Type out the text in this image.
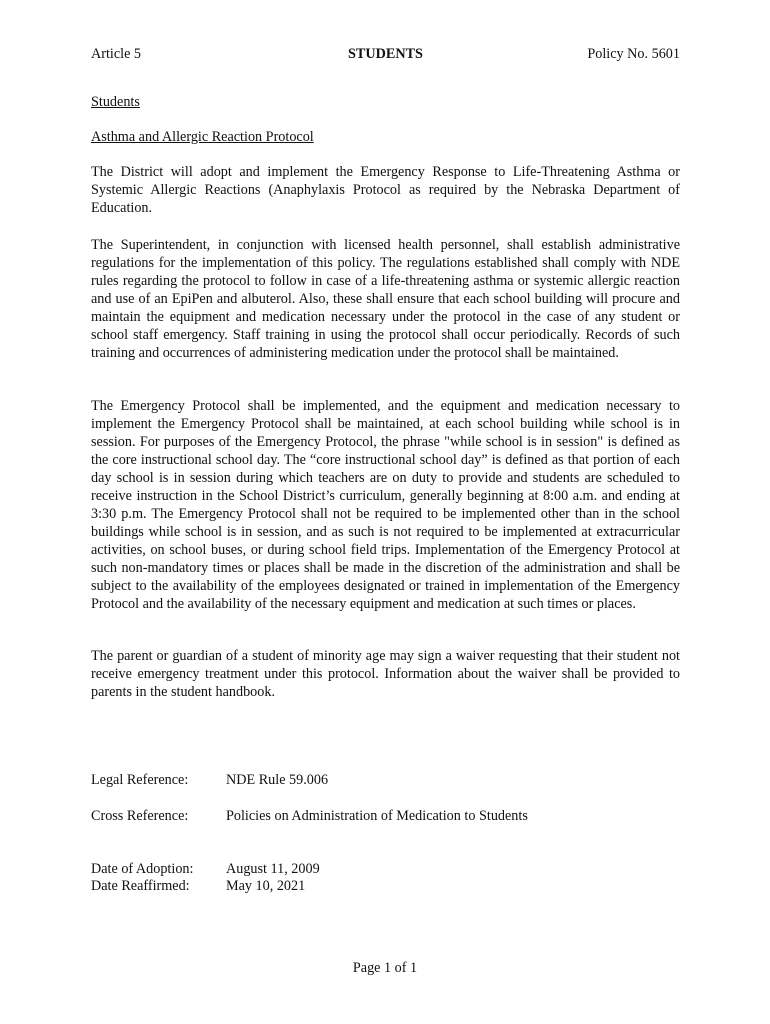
Article 5	STUDENTS	Policy No. 5601
Students
Asthma and Allergic Reaction Protocol

The District will adopt and implement the Emergency Response to Life-Threatening Asthma or Systemic Allergic Reactions (Anaphylaxis Protocol as required by the Nebraska Department of Education.

The Superintendent, in conjunction with licensed health personnel, shall establish administrative regulations for the implementation of this policy. The regulations established shall comply with NDE rules regarding the protocol to follow in case of a life-threatening asthma or systemic allergic reaction and use of an EpiPen and albuterol. Also, these shall ensure that each school building will procure and maintain the equipment and medication necessary under the protocol in the case of any student or school staff emergency. Staff training in using the protocol shall occur periodically. Records of such training and occurrences of administering medication under the protocol shall be maintained.

The Emergency Protocol shall be implemented, and the equipment and medication necessary to implement the Emergency Protocol shall be maintained, at each school building while school is in session. For purposes of the Emergency Protocol, the phrase "while school is in session" is defined as the core instructional school day. The “core instructional school day” is defined as that portion of each day school is in session during which teachers are on duty to provide and students are scheduled to receive instruction in the School District’s curriculum, generally beginning at 8:00 a.m. and ending at 3:30 p.m. The Emergency Protocol shall not be required to be implemented other than in the school buildings while school is in session, and as such is not required to be implemented at extracurricular activities, on school buses, or during school field trips. Implementation of the Emergency Protocol at such non-mandatory times or places shall be made in the discretion of the administration and shall be subject to the availability of the employees designated or trained in implementation of the Emergency Protocol and the availability of the necessary equipment and medication at such times or places.

The parent or guardian of a student of minority age may sign a waiver requesting that their student not receive emergency treatment under this protocol. Information about the waiver shall be provided to parents in the student handbook.

Legal Reference:	NDE Rule 59.006
Cross Reference:	Policies on Administration of Medication to Students
Date of Adoption: August 11, 2009
Date Reaffirmed:	May 10, 2021
Page 1 of 1
